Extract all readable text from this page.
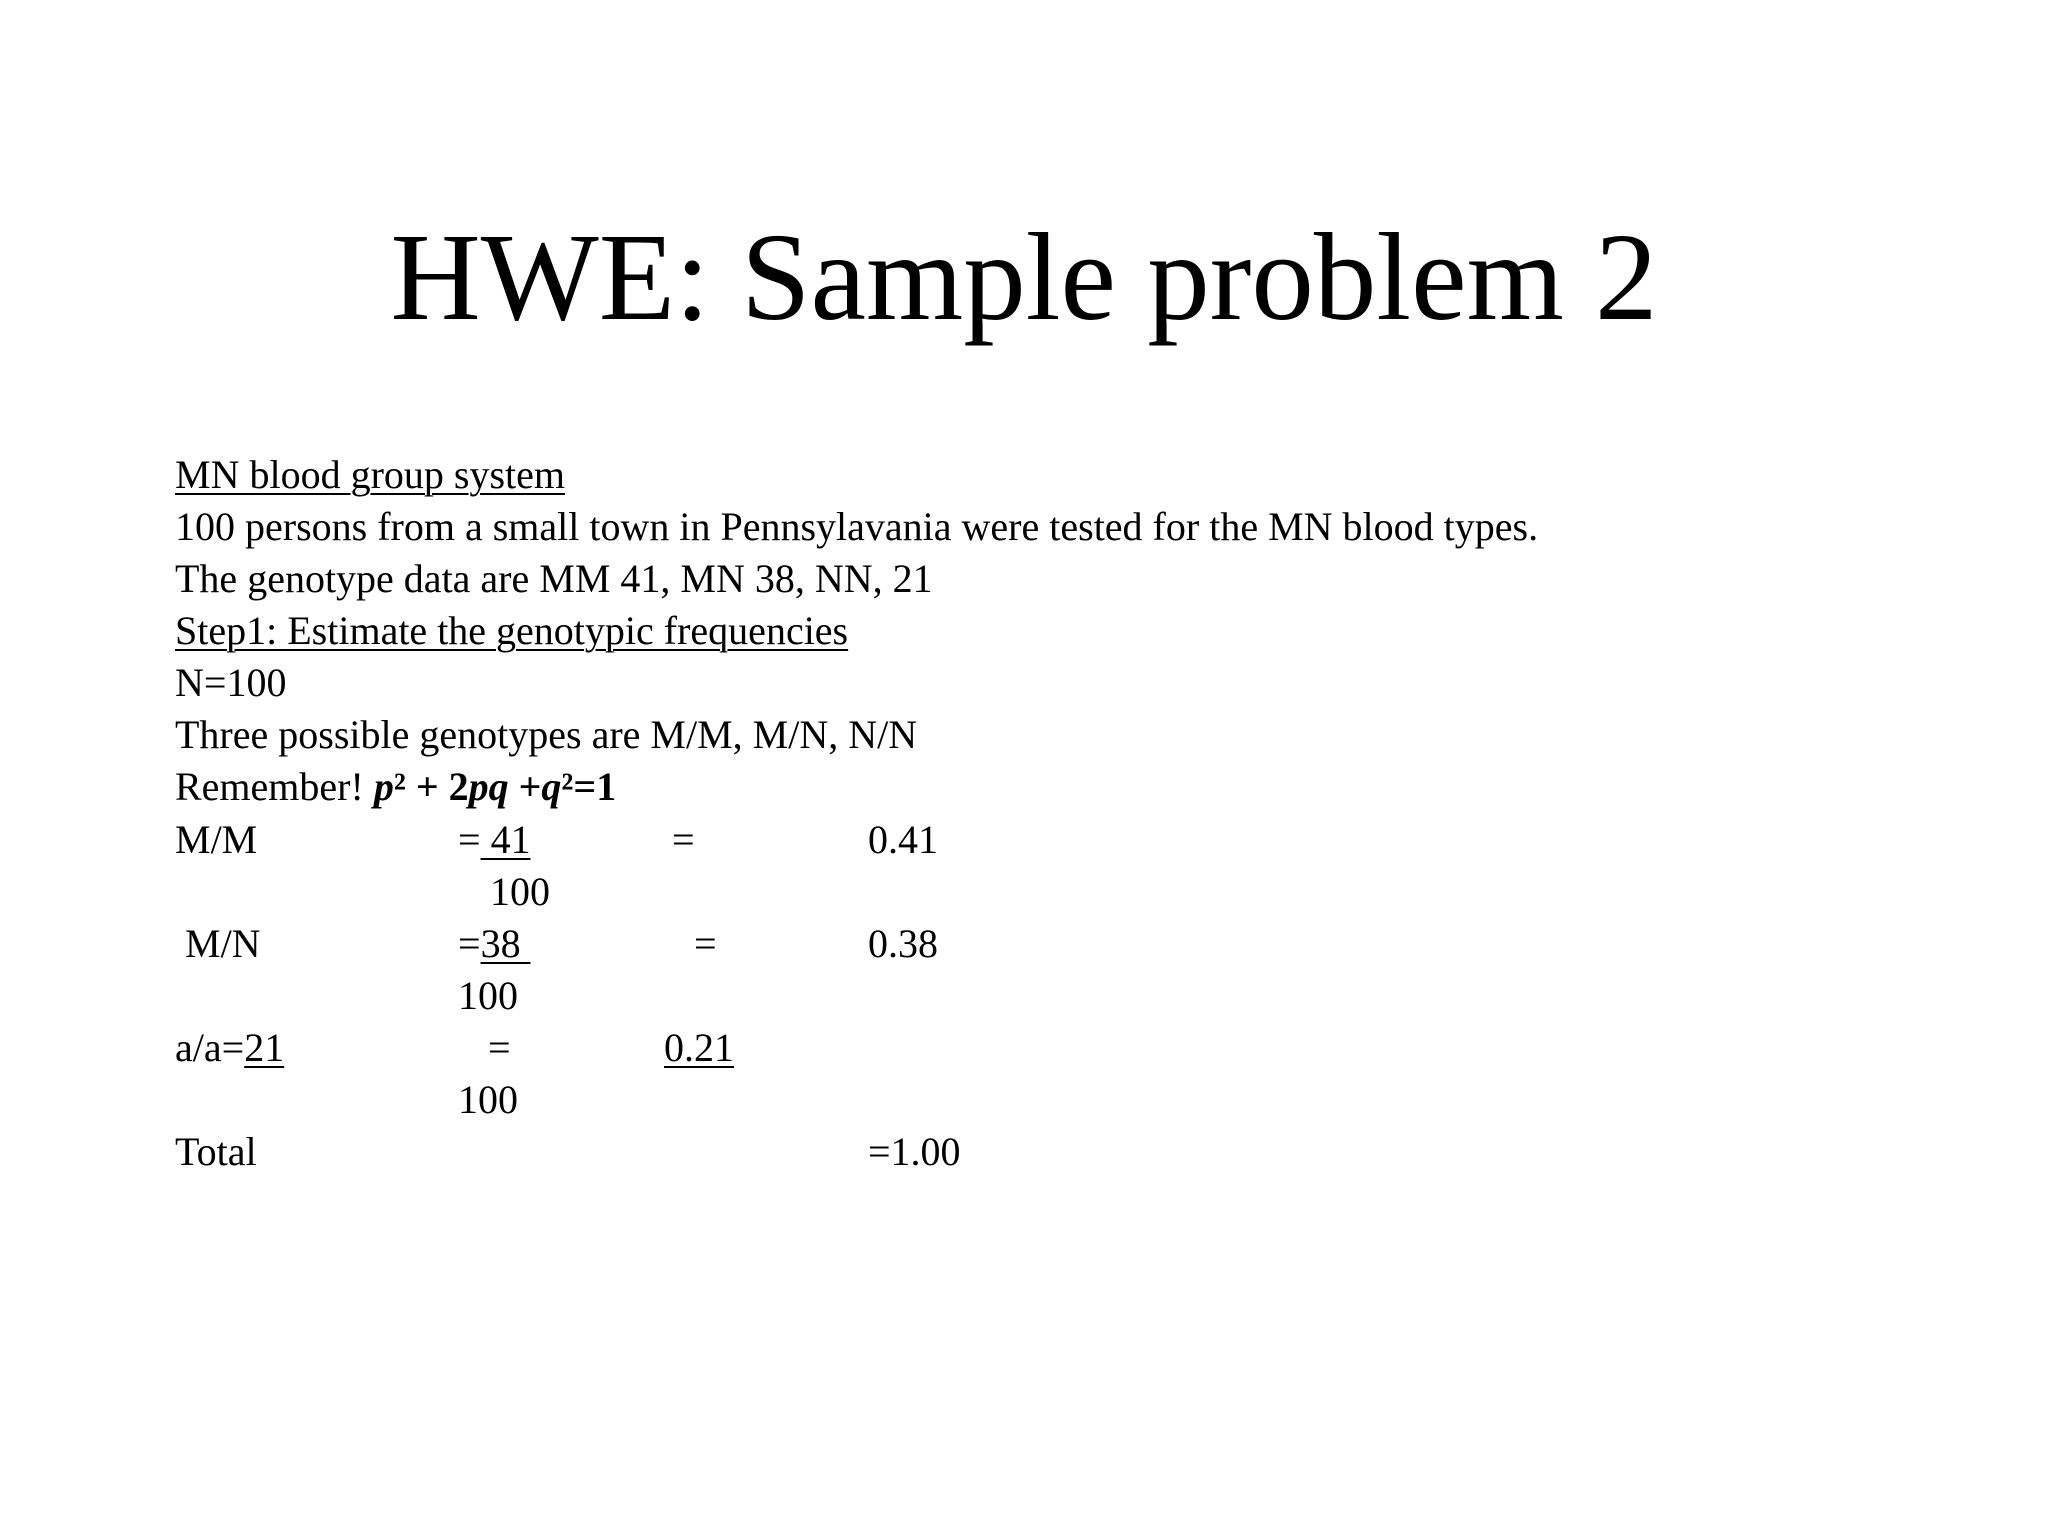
HWE: Sample problem 2
MN blood group system
100 persons from a small town in Pennsylavania were tested for the MN blood types.
The genotype data are MM 41, MN 38, NN, 21
Step1: Estimate the genotypic frequencies
N=100
Three possible genotypes are M/M, M/N, N/N
Remember! p² + 2pq +q²=1
M/M	= 41	=	0.41
100
M/N	=38	=	0.38
100
a/a=21	=	0.21
100
Total	=1.00
